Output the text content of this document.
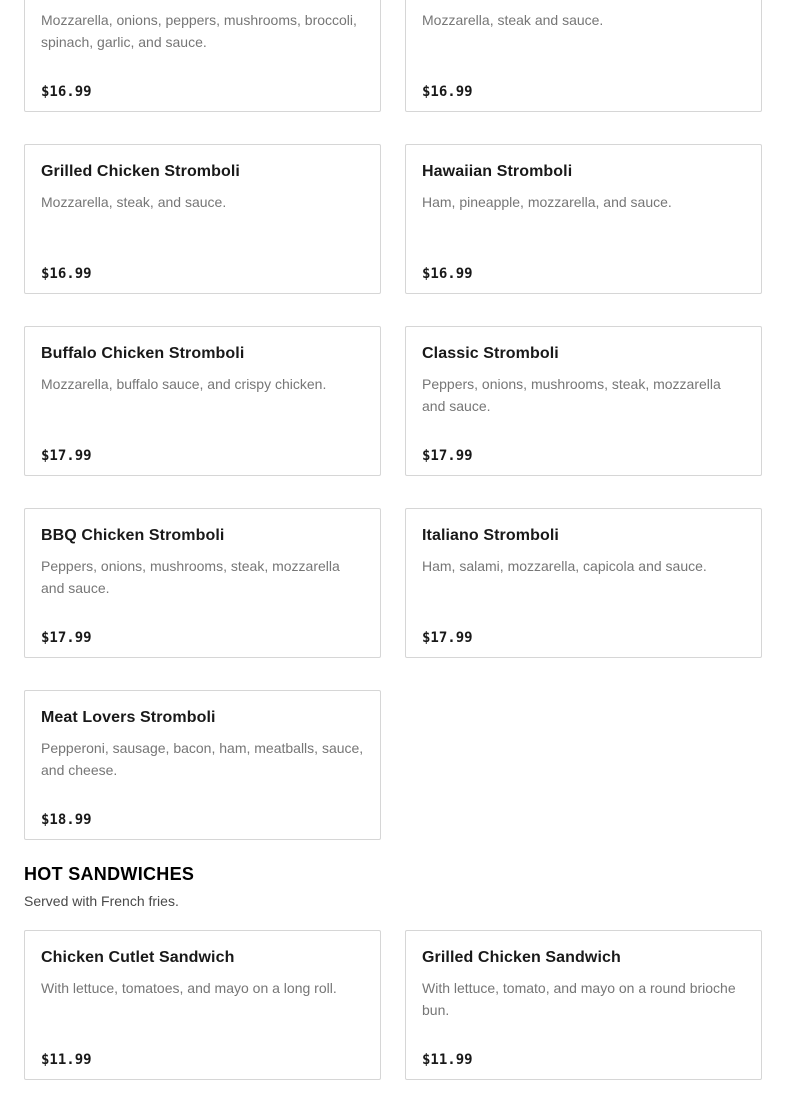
Mozzarella, onions, peppers, mushrooms, broccoli, spinach, garlic, and sauce.
$16.99
Mozzarella, steak and sauce.
$16.99
Grilled Chicken Stromboli
Mozzarella, steak, and sauce.
$16.99
Hawaiian Stromboli
Ham, pineapple, mozzarella, and sauce.
$16.99
Buffalo Chicken Stromboli
Mozzarella, buffalo sauce, and crispy chicken.
$17.99
Classic Stromboli
Peppers, onions, mushrooms, steak, mozzarella and sauce.
$17.99
BBQ Chicken Stromboli
Peppers, onions, mushrooms, steak, mozzarella and sauce.
$17.99
Italiano Stromboli
Ham, salami, mozzarella, capicola and sauce.
$17.99
Meat Lovers Stromboli
Pepperoni, sausage, bacon, ham, meatballs, sauce, and cheese.
$18.99
HOT SANDWICHES
Served with French fries.
Chicken Cutlet Sandwich
With lettuce, tomatoes, and mayo on a long roll.
$11.99
Grilled Chicken Sandwich
With lettuce, tomato, and mayo on a round brioche bun.
$11.99
